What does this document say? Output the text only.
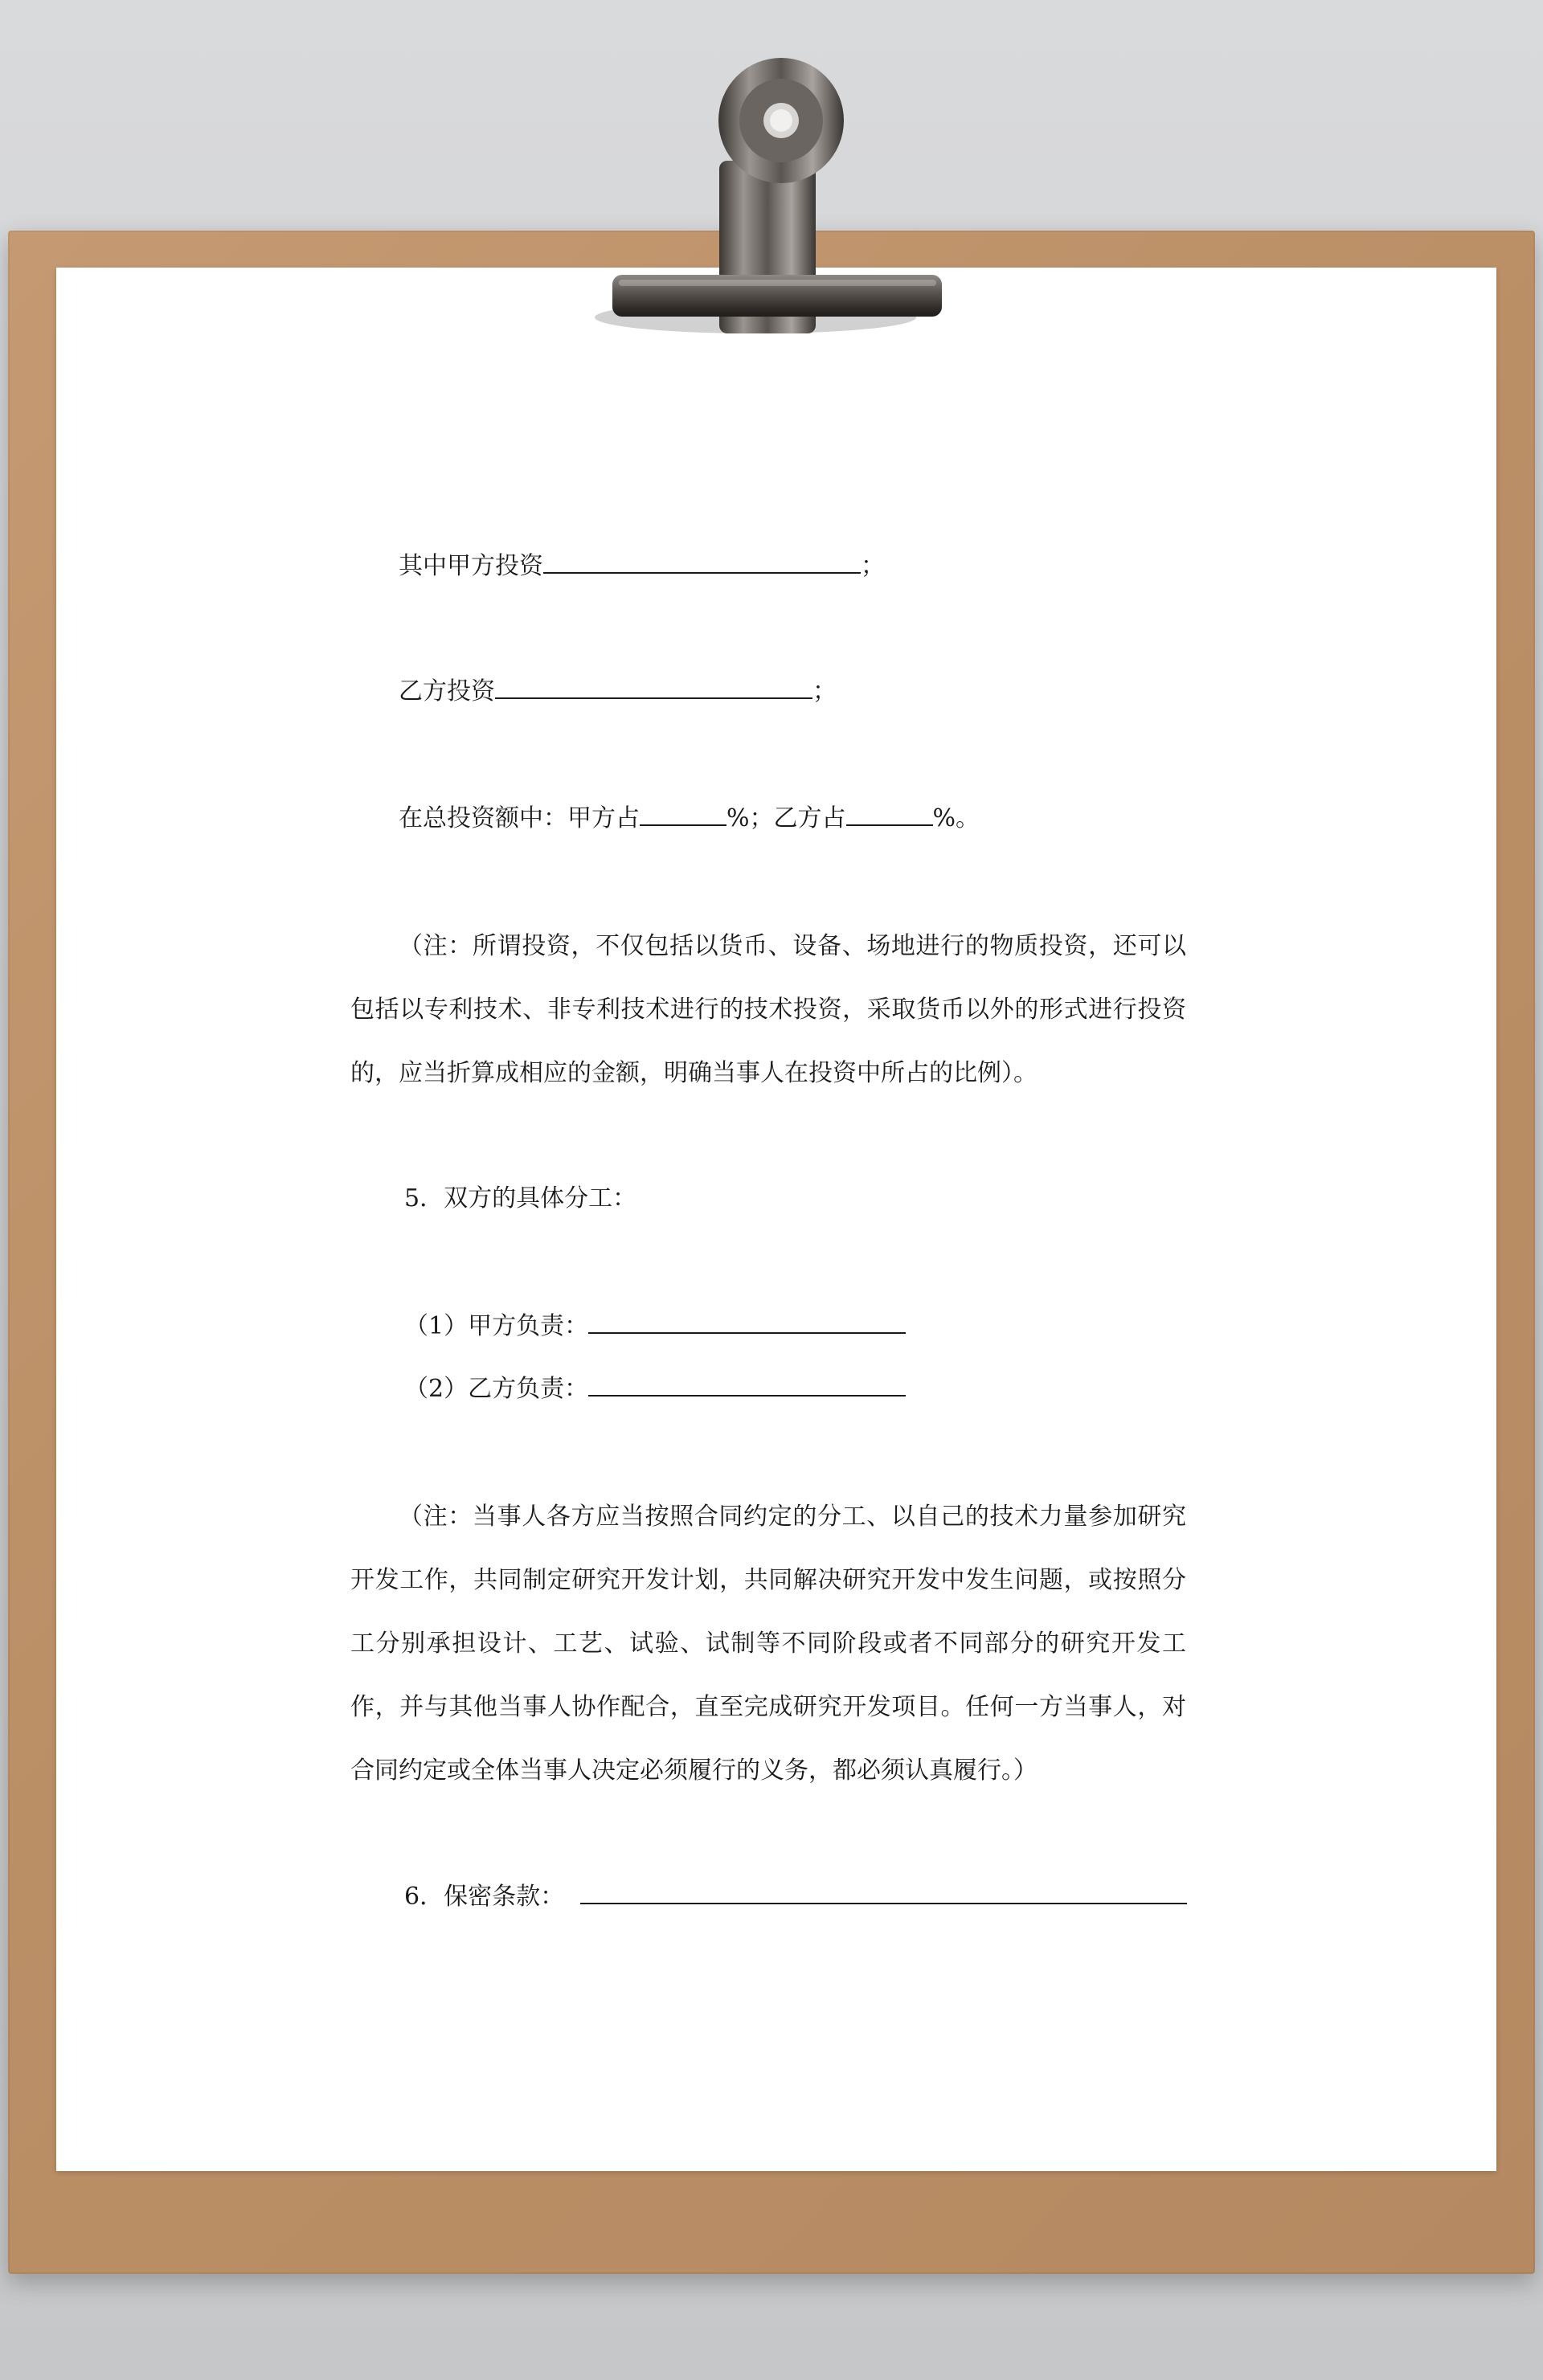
其中甲方投资	；
乙方投资	；
在总投资额中：甲方占	%；乙方占	%。
（注：所谓投资，不仅包括以货币、设备、场地进行的物质投资，还可以包括以专利技术、非专利技术进行的技术投资，采取货币以外的形式进行投资的，应当折算成相应的金额，明确当事人在投资中所占的比例）。
5．双方的具体分工：
（1）甲方负责：
（2）乙方负责：
（注：当事人各方应当按照合同约定的分工、以自己的技术力量参加研究开发工作，共同制定研究开发计划，共同解决研究开发中发生问题，或按照分工分别承担设计、工艺、试验、试制等不同阶段或者不同部分的研究开发工作，并与其他当事人协作配合，直至完成研究开发项目。任何一方当事人，对合同约定或全体当事人决定必须履行的义务，都必须认真履行。）
6．保密条款：
